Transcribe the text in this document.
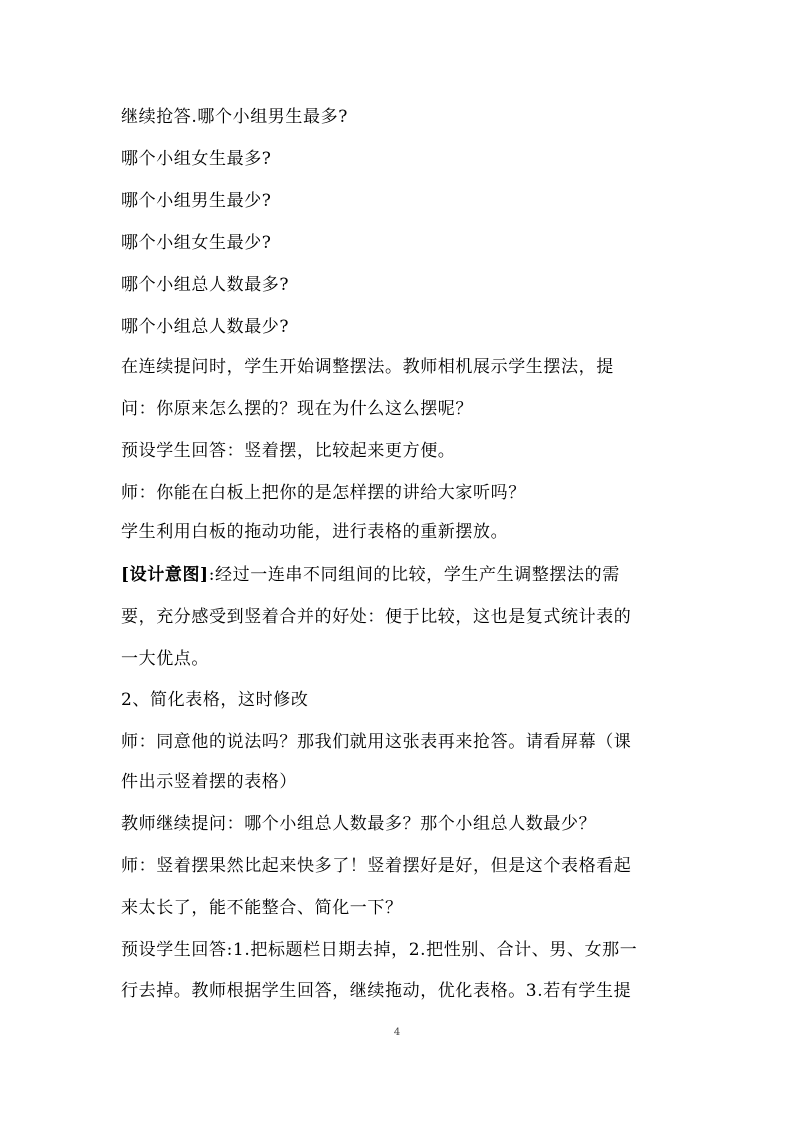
继续抢答.哪个小组男生最多?
哪个小组女生最多?
哪个小组男生最少?
哪个小组女生最少?
哪个小组总人数最多?
哪个小组总人数最少?
在连续提问时，学生开始调整摆法。教师相机展示学生摆法，提
问：你原来怎么摆的？现在为什么这么摆呢？
预设学生回答：竖着摆，比较起来更方便。
师：你能在白板上把你的是怎样摆的讲给大家听吗？
学生利用白板的拖动功能，进行表格的重新摆放。
[设计意图]:经过一连串不同组间的比较，学生产生调整摆法的需
要，充分感受到竖着合并的好处：便于比较，这也是复式统计表的
一大优点。
2、简化表格，这时修改
师：同意他的说法吗？那我们就用这张表再来抢答。请看屏幕（课
件出示竖着摆的表格）
教师继续提问：哪个小组总人数最多？那个小组总人数最少？
师：竖着摆果然比起来快多了！竖着摆好是好，但是这个表格看起
来太长了，能不能整合、简化一下？
预设学生回答:1.把标题栏日期去掉，2.把性别、合计、男、女那一
行去掉。教师根据学生回答，继续拖动，优化表格。3.若有学生提
4
